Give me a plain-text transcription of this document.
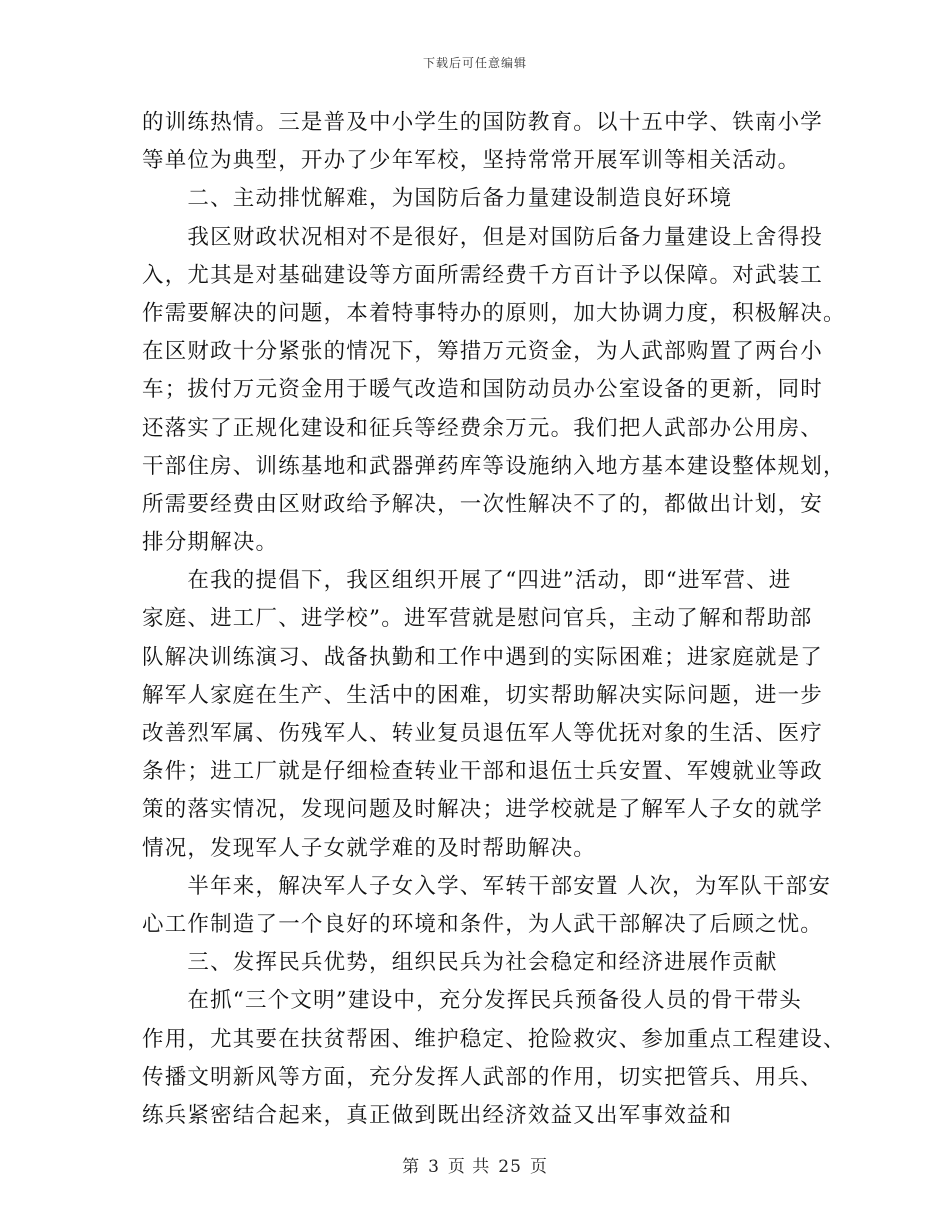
下载后可任意编辑
的训练热情。三是普及中小学生的国防教育。以十五中学、铁南小学
等单位为典型，开办了少年军校，坚持常常开展军训等相关活动。
　　二、主动排忧解难，为国防后备力量建设制造良好环境
　　我区财政状况相对不是很好，但是对国防后备力量建设上舍得投
入，尤其是对基础建设等方面所需经费千方百计予以保障。对武装工
作需要解决的问题，本着特事特办的原则，加大协调力度，积极解决。
在区财政十分紧张的情况下，筹措万元资金，为人武部购置了两台小
车；拔付万元资金用于暖气改造和国防动员办公室设备的更新，同时
还落实了正规化建设和征兵等经费余万元。我们把人武部办公用房、
干部住房、训练基地和武器弹药库等设施纳入地方基本建设整体规划，
所需要经费由区财政给予解决，一次性解决不了的，都做出计划，安
排分期解决。
　　在我的提倡下，我区组织开展了“四进”活动，即“进军营、进
家庭、进工厂、进学校”。进军营就是慰问官兵，主动了解和帮助部
队解决训练演习、战备执勤和工作中遇到的实际困难；进家庭就是了
解军人家庭在生产、生活中的困难，切实帮助解决实际问题，进一步
改善烈军属、伤残军人、转业复员退伍军人等优抚对象的生活、医疗
条件；进工厂就是仔细检查转业干部和退伍士兵安置、军嫂就业等政
策的落实情况，发现问题及时解决；进学校就是了解军人子女的就学
情况，发现军人子女就学难的及时帮助解决。
　　半年来，解决军人子女入学、军转干部安置 人次，为军队干部安
心工作制造了一个良好的环境和条件，为人武干部解决了后顾之忧。
　　三、发挥民兵优势，组织民兵为社会稳定和经济进展作贡献
　　在抓“三个文明”建设中，充分发挥民兵预备役人员的骨干带头
作用，尤其要在扶贫帮困、维护稳定、抢险救灾、参加重点工程建设、
传播文明新风等方面，充分发挥人武部的作用，切实把管兵、用兵、
练兵紧密结合起来，真正做到既出经济效益又出军事效益和
第 3 页 共 25 页
